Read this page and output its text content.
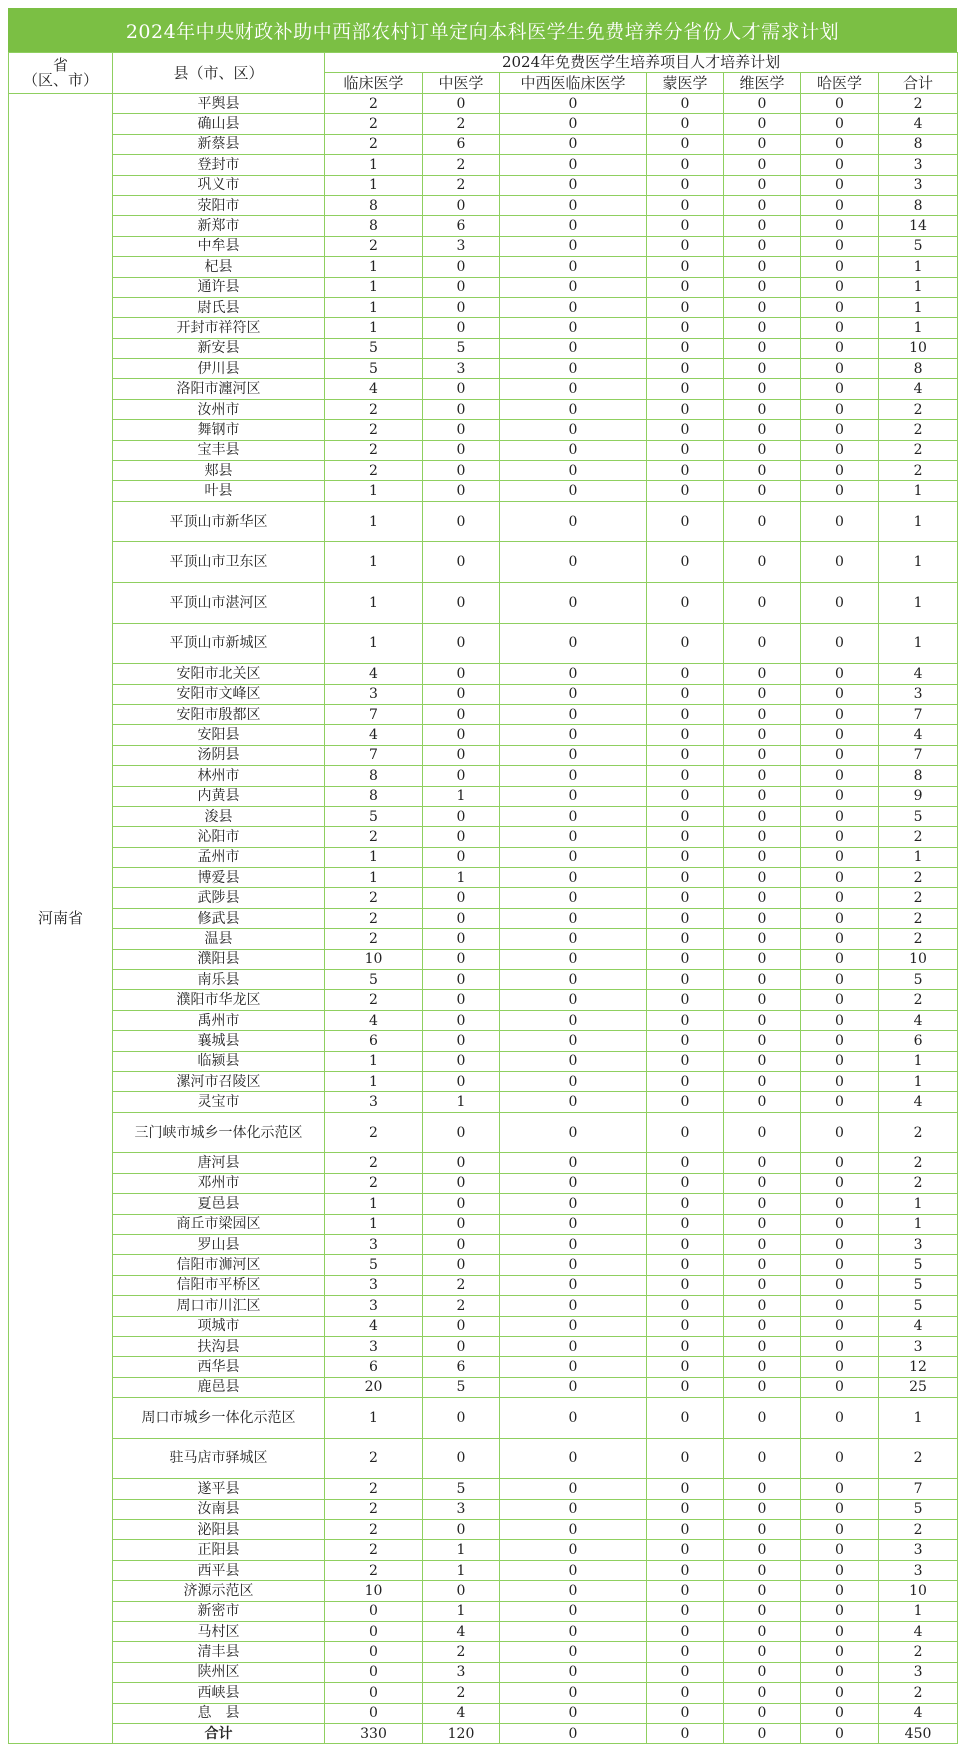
2024年中央财政补助中西部农村订单定向本科医学生免费培养分省份人才需求计划
省
（区、市）	县（市、区）	2024年免费医学生培养项目人才培养计划						
		临床医学	中医学	中西医临床医学	蒙医学	维医学	哈医学	合计
河南省	平舆县	2	0	0	0	0	0	2
	确山县	2	2	0	0	0	0	4
	新蔡县	2	6	0	0	0	0	8
	登封市	1	2	0	0	0	0	3
	巩义市	1	2	0	0	0	0	3
	荥阳市	8	0	0	0	0	0	8
	新郑市	8	6	0	0	0	0	14
	中牟县	2	3	0	0	0	0	5
	杞县	1	0	0	0	0	0	1
	通许县	1	0	0	0	0	0	1
	尉氏县	1	0	0	0	0	0	1
	开封市祥符区	1	0	0	0	0	0	1
	新安县	5	5	0	0	0	0	10
	伊川县	5	3	0	0	0	0	8
	洛阳市瀍河区	4	0	0	0	0	0	4
	汝州市	2	0	0	0	0	0	2
	舞钢市	2	0	0	0	0	0	2
	宝丰县	2	0	0	0	0	0	2
	郏县	2	0	0	0	0	0	2
	叶县	1	0	0	0	0	0	1
	平顶山市新华区	1	0	0	0	0	0	1
	平顶山市卫东区	1	0	0	0	0	0	1
	平顶山市湛河区	1	0	0	0	0	0	1
	平顶山市新城区	1	0	0	0	0	0	1
	安阳市北关区	4	0	0	0	0	0	4
	安阳市文峰区	3	0	0	0	0	0	3
	安阳市殷都区	7	0	0	0	0	0	7
	安阳县	4	0	0	0	0	0	4
	汤阴县	7	0	0	0	0	0	7
	林州市	8	0	0	0	0	0	8
	内黄县	8	1	0	0	0	0	9
	浚县	5	0	0	0	0	0	5
	沁阳市	2	0	0	0	0	0	2
	孟州市	1	0	0	0	0	0	1
	博爱县	1	1	0	0	0	0	2
	武陟县	2	0	0	0	0	0	2
	修武县	2	0	0	0	0	0	2
	温县	2	0	0	0	0	0	2
	濮阳县	10	0	0	0	0	0	10
	南乐县	5	0	0	0	0	0	5
	濮阳市华龙区	2	0	0	0	0	0	2
	禹州市	4	0	0	0	0	0	4
	襄城县	6	0	0	0	0	0	6
	临颍县	1	0	0	0	0	0	1
	漯河市召陵区	1	0	0	0	0	0	1
	灵宝市	3	1	0	0	0	0	4
	三门峡市城乡一体化示范区	2	0	0	0	0	0	2
	唐河县	2	0	0	0	0	0	2
	邓州市	2	0	0	0	0	0	2
	夏邑县	1	0	0	0	0	0	1
	商丘市梁园区	1	0	0	0	0	0	1
	罗山县	3	0	0	0	0	0	3
	信阳市浉河区	5	0	0	0	0	0	5
	信阳市平桥区	3	2	0	0	0	0	5
	周口市川汇区	3	2	0	0	0	0	5
	项城市	4	0	0	0	0	0	4
	扶沟县	3	0	0	0	0	0	3
	西华县	6	6	0	0	0	0	12
	鹿邑县	20	5	0	0	0	0	25
	周口市城乡一体化示范区	1	0	0	0	0	0	1
	驻马店市驿城区	2	0	0	0	0	0	2
	遂平县	2	5	0	0	0	0	7
	汝南县	2	3	0	0	0	0	5
	泌阳县	2	0	0	0	0	0	2
	正阳县	2	1	0	0	0	0	3
	西平县	2	1	0	0	0	0	3
	济源示范区	10	0	0	0	0	0	10
	新密市	0	1	0	0	0	0	1
	马村区	0	4	0	0	0	0	4
	清丰县	0	2	0	0	0	0	2
	陕州区	0	3	0	0	0	0	3
	西峡县	0	2	0	0	0	0	2
	息　县	0	4	0	0	0	0	4
	合计	330	120	0	0	0	0	450
